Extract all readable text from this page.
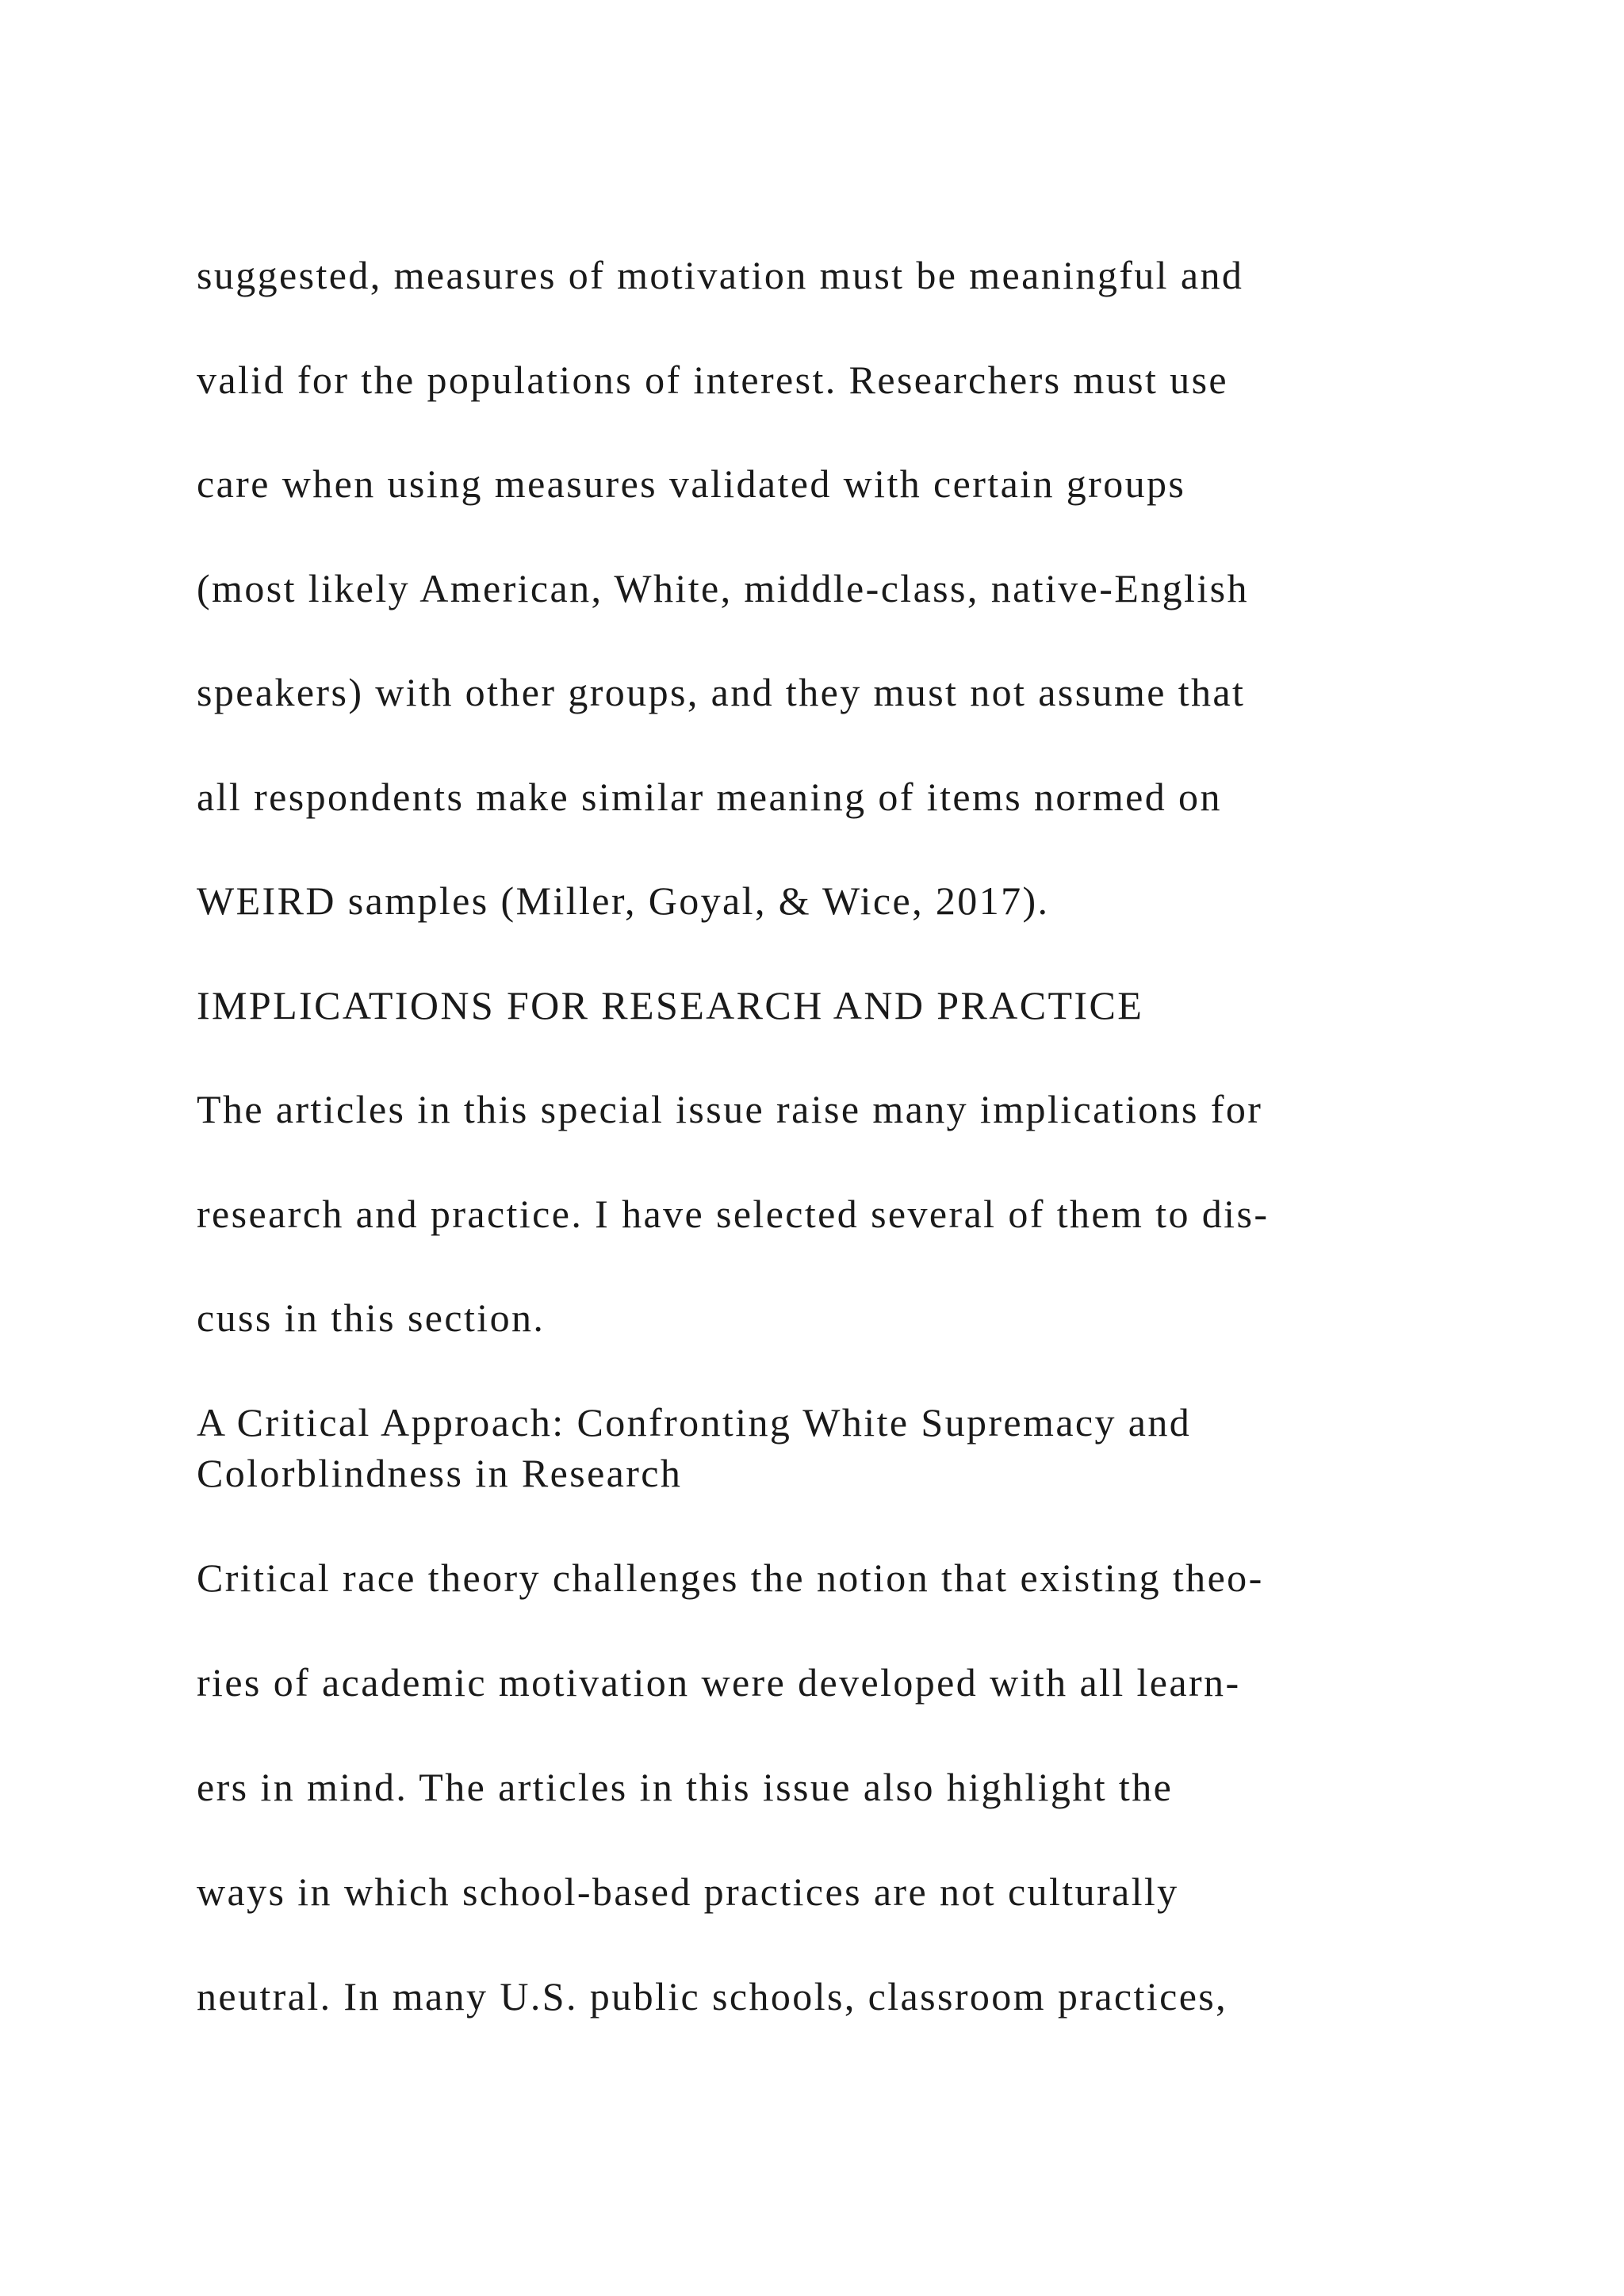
suggested, measures of motivation must be meaningful and

valid for the populations of interest. Researchers must use

care when using measures validated with certain groups

(most likely American, White, middle-class, native-English

speakers) with other groups, and they must not assume that

all respondents make similar meaning of items normed on

WEIRD samples (Miller, Goyal, & Wice, 2017).

IMPLICATIONS FOR RESEARCH AND PRACTICE

The articles in this special issue raise many implications for

research and practice. I have selected several of them to dis-

cuss in this section.

A Critical Approach: Confronting White Supremacy and

Colorblindness in Research

Critical race theory challenges the notion that existing theo-

ries of academic motivation were developed with all learn-

ers in mind. The articles in this issue also highlight the

ways in which school-based practices are not culturally

neutral. In many U.S. public schools, classroom practices,
